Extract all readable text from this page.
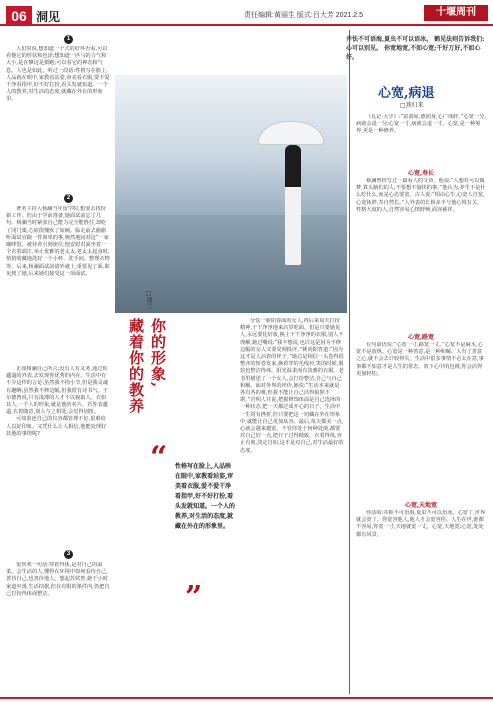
06 洞见	责任编辑:黄丽生 版式:吕大芳 2021.2.5	十堰周刊
1

人们常说,想知道一个式的好坏否需,可以看他它的形状和色泽;想知道一匹马的力气和大小,是在攀这是摄跑;可以看它的神态和气息。人也是如此。听过一段话:性格写在脸上,人品就在眼中,家教看站姿,审美看衣服,要不爱干净看指甲,好不好打扮,看头发就知道。一个人的教养,对生活的态度,就藏在外在的形象里。

2

著名主持人杨澜当年留学时,想要去找份新工作。但由于学前准备,她面试前忘了几句。杨澜当时紧张自己能力完全能胜任,却吃了闭门羹,心底很愧疚了如阙。临走前去偷偷听面试官跟一件简单的事,婉然地问对这“一家咖啡馆。被待者引到座位,他安慰对面坐着一个衣着端庄,举止优雅的老太太,老太太起身时,悄悄收藏地洗好一个小杯、洗手间、整理衣物等。后来,杨澜面试前请外就上,重要见了面,即见到了她,后来她们接受这一项面试。

正如杨澜自己所言:没有人有义务,通过你邋遢的外表,去发现你优秀的内在。生活中有不少这样的言论:虽然我不拘小节,但是我灵魂有趣啊;虽然我不修边幅,但我很有诗书气。王尔德曾说,只有浅薄的人才不以貌取人。衣如其人,一个人的形象,就是他的名片。若外表邋遢,衣着随意,别人与之相处,会觉得别扭。

可如果连自己的仪容都管理不好,很难给人以好印象。又凭什么让人相信,他能处理好其他的事情呢?

3

很喜欢一句话:穿着得体,是对自己的温柔。会生活的人,懂得在环境中如何看待自己,善待自己,也善待他人。想起苏轼曾,她于小时家道中落,生活拮据,但在有限的条件内,仍把自己打扮得体面整洁。

你的形象,
藏着你的教养
□谭兰
“ 性格写在脸上,人品映在眼中,家教看站姿,审美看衣服,爱不爱干净看指甲,好不好打扮,看头发就知道。一个人的教养,对生活的态度,就藏在外在的形象里。
”

分怯一脸阳春面的女人,再后来每天打扮精神,干干净净地来店里吃面。但是只要她见人,永远要化好妆,换上干干净净的衣服,别人不理解,她过嘴说:“我不想说,也许这是因为不修边幅的女人又要受到批评。”姚尚阳答道:“因为这才是人活着的样子。”她总是相信一头卷得很整齐的短卷发来,换着穿的毛线衫,笑的时候,服装也整洁得体。阳光温柔而有淡雅的衣服。老书里描述了一个女人,会打扮整洁,自己与自己和解。面对外界的评价,她说:“生活本来就是各有各的难,但我不能让自己活得狼狈不堪。”岩明人并说,把握修饰体面是自己选择的一种状态,把一天都过成开心的日子。生活中一生常有挫折,但只要把这一切藏在外在形象中,就能让自己更加从容。最后,每天都美一点,心就会越来越宽。不管你处于何种处境,都要对自己好一点,把日子过得精致。衣着得体,容止有度,淡定自如,这才是对自己,对生活最好的态度。

井怯不可语海,夏虫不可以语冰。 鹤见法则告诉我们:心可以别见。 你宽地宽,不如心宽;千好万好,不如心好。
心宽,病退
□燕归来

《礼记·大学》:“富润屋,德润身,心广体胖。”心宽一分,病就会退一分;心宽一寸,病就会退一寸。心宽,是一种境界,更是一种修养。

心宽,寿长

蔡澜曾经写过一篇看人的文章。他说:“人想对可以做梦,算头脑们的人,不要想不愉快的事。”他认为,养生不是什么吃什么,而是心态要宽。古人说:“相由心生,心宽人自宽,心宽体胖,寿自然长。”人外表的长相多半与他心境有关。性格大度的人,自然容易心情舒畅,面容慈祥。

心宽,路宽

有句谚语说:“心宽一寸,路宽一丈。”心宽不是麻木,心宽不是放纵。心宽是一种善意,是一种和解。人有了善意之心,就不会去计较得失。生活中很多事情不必太在意,事事都不如意才是人生的常态。放下心中的包袱,你会活得更加轻松。

心宽,天地宽

你活的:井蛙不可语海,夏虫不可以语冰。心宽了,世界就会宽了。你宽容他人,他人才会宽容你。人生在世,谁都不容易,你宽一寸,天地就宽一丈。心宽,天地宽;心宽,处处都有风景。
